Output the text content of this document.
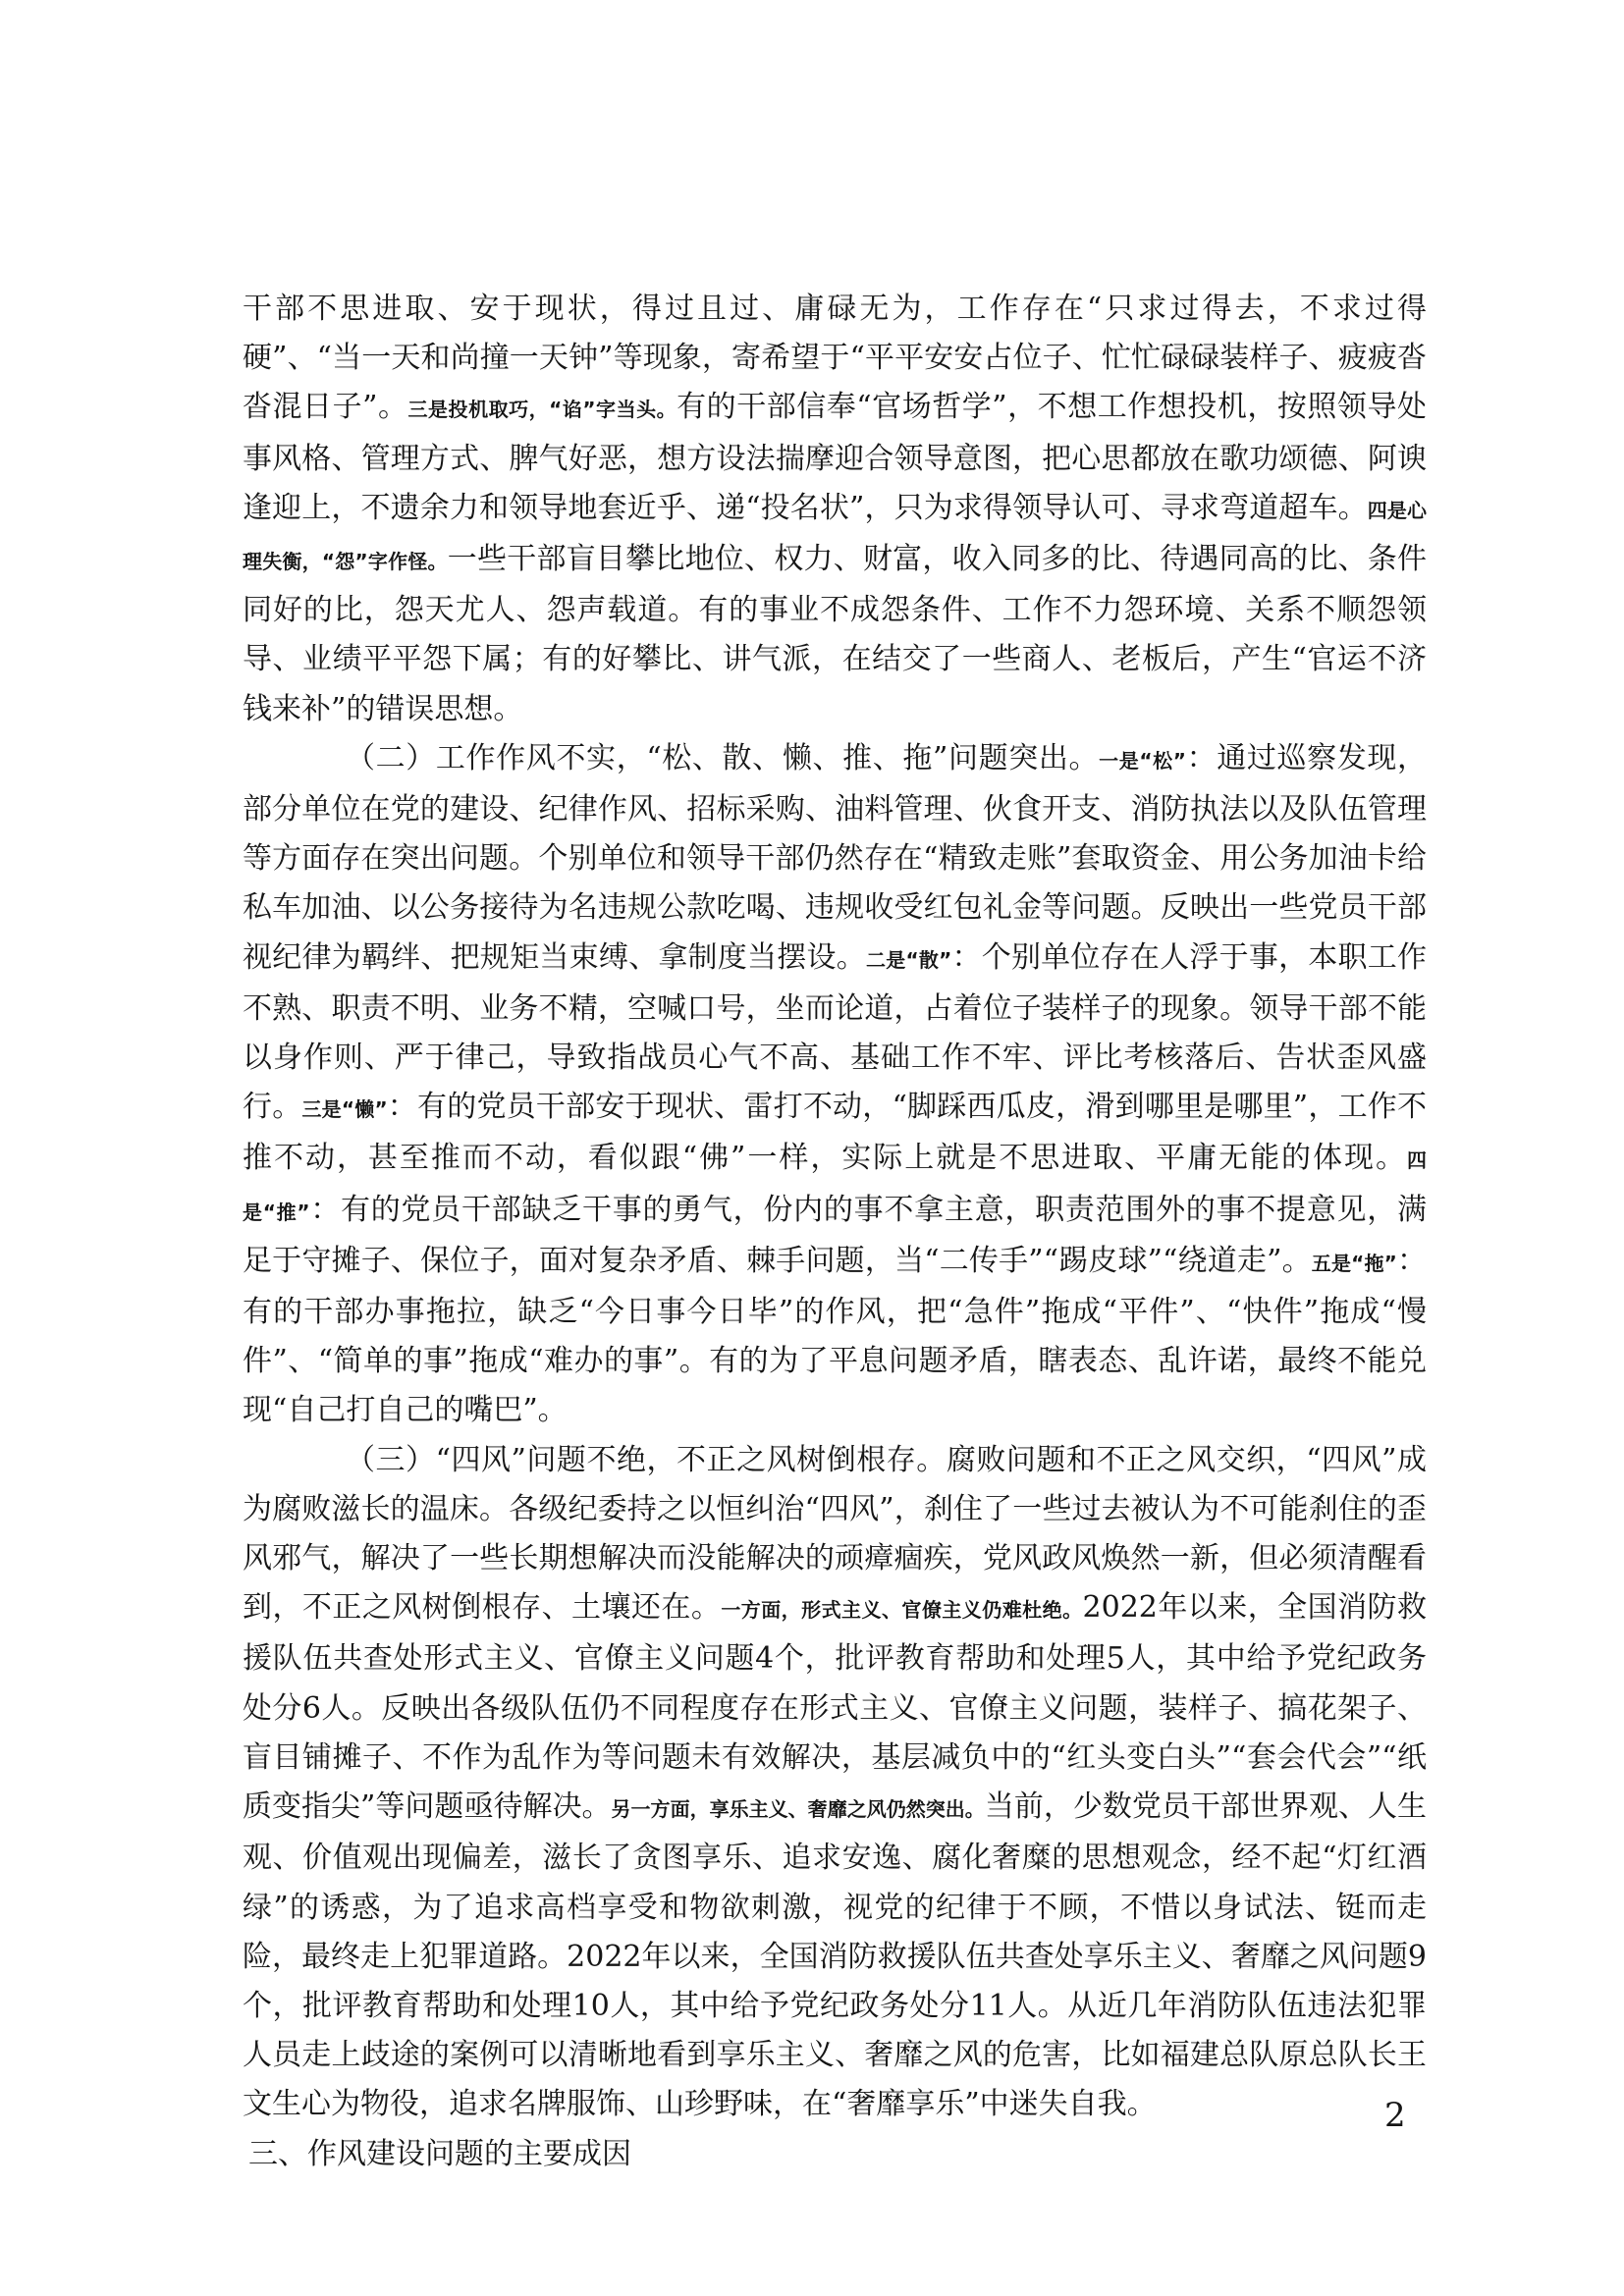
干部不思进取、安于现状，得过且过、庸碌无为，工作存在“只求过得去，不求过得硬”、“当一天和尚撞一天钟”等现象，寄希望于“平平安安占位子、忙忙碌碌装样子、疲疲沓沓混日子”。三是投机取巧，“谄”字当头。有的干部信奉“官场哲学”，不想工作想投机，按照领导处事风格、管理方式、脾气好恶，想方设法揣摩迎合领导意图，把心思都放在歌功颂德、阿谀逢迎上，不遗余力和领导地套近乎、递“投名状”，只为求得领导认可、寻求弯道超车。四是心理失衡，“怨”字作怪。一些干部盲目攀比地位、权力、财富，收入同多的比、待遇同高的比、条件同好的比，怨天尤人、怨声载道。有的事业不成怨条件、工作不力怨环境、关系不顺怨领导、业绩平平怨下属；有的好攀比、讲气派，在结交了一些商人、老板后，产生“官运不济钱来补”的错误思想。

（二）工作作风不实，“松、散、懒、推、拖”问题突出。一是“松”：通过巡察发现，部分单位在党的建设、纪律作风、招标采购、油料管理、伙食开支、消防执法以及队伍管理等方面存在突出问题。个别单位和领导干部仍然存在“精致走账”套取资金、用公务加油卡给私车加油、以公务接待为名违规公款吃喝、违规收受红包礼金等问题。反映出一些党员干部视纪律为羁绊、把规矩当束缚、拿制度当摆设。二是“散”：个别单位存在人浮于事，本职工作不熟、职责不明、业务不精，空喊口号，坐而论道，占着位子装样子的现象。领导干部不能以身作则、严于律己，导致指战员心气不高、基础工作不牢、评比考核落后、告状歪风盛行。三是“懒”：有的党员干部安于现状、雷打不动，“脚踩西瓜皮，滑到哪里是哪里”，工作不推不动，甚至推而不动，看似跟“佛”一样，实际上就是不思进取、平庸无能的体现。四是“推”：有的党员干部缺乏干事的勇气，份内的事不拿主意，职责范围外的事不提意见，满足于守摊子、保位子，面对复杂矛盾、棘手问题，当“二传手”“踢皮球”“绕道走”。五是“拖”：有的干部办事拖拉，缺乏“今日事今日毕”的作风，把“急件”拖成“平件”、“快件”拖成“慢件”、“简单的事”拖成“难办的事”。有的为了平息问题矛盾，瞎表态、乱许诺，最终不能兑现“自己打自己的嘴巴”。

（三）“四风”问题不绝，不正之风树倒根存。腐败问题和不正之风交织，“四风”成为腐败滋长的温床。各级纪委持之以恒纠治“四风”，刹住了一些过去被认为不可能刹住的歪风邪气，解决了一些长期想解决而没能解决的顽瘴痼疾，党风政风焕然一新，但必须清醒看到，不正之风树倒根存、土壤还在。一方面，形式主义、官僚主义仍难杜绝。2022年以来，全国消防救援队伍共查处形式主义、官僚主义问题4个，批评教育帮助和处理5人，其中给予党纪政务处分6人。反映出各级队伍仍不同程度存在形式主义、官僚主义问题，装样子、搞花架子、盲目铺摊子、不作为乱作为等问题未有效解决，基层减负中的“红头变白头”“套会代会”“纸质变指尖”等问题亟待解决。另一方面，享乐主义、奢靡之风仍然突出。当前，少数党员干部世界观、人生观、价值观出现偏差，滋长了贪图享乐、追求安逸、腐化奢糜的思想观念，经不起“灯红酒绿”的诱惑，为了追求高档享受和物欲刺激，视党的纪律于不顾，不惜以身试法、铤而走险，最终走上犯罪道路。2022年以来，全国消防救援队伍共查处享乐主义、奢靡之风问题9个，批评教育帮助和处理10人，其中给予党纪政务处分11人。从近几年消防队伍违法犯罪人员走上歧途的案例可以清晰地看到享乐主义、奢靡之风的危害，比如福建总队原总队长王文生心为物役，追求名牌服饰、山珍野味，在“奢靡享乐”中迷失自我。

三、作风建设问题的主要成因

2
